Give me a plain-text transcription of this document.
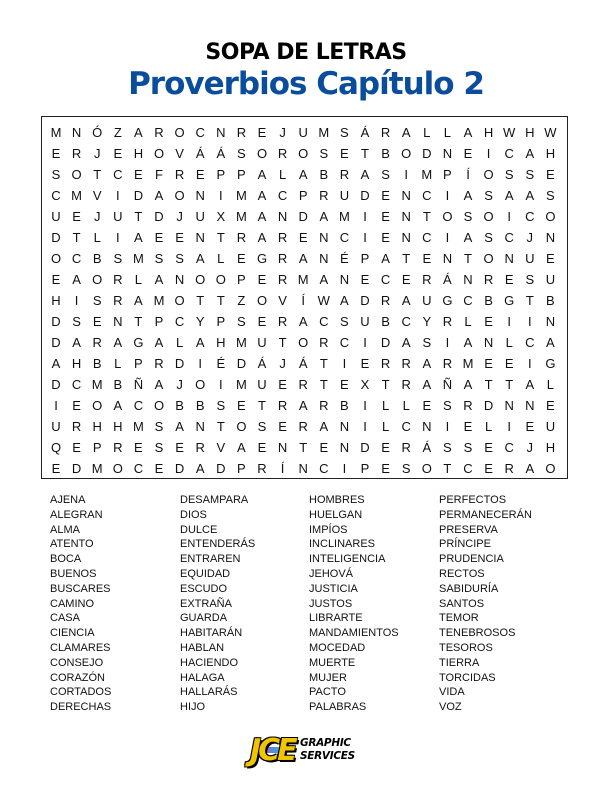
SOPA DE LETRAS
Proverbios Capítulo 2
M N Ó Z A R O C N R E	J U M S Á R A L	L A H W H W
E R J	E H O V Á Á S O R O S E T B O D N E	I	C A H
S O T C E F R E P P A L A B R A S	I	M P	Í	O S S E
C M V	I	D A O N	I	M A C P R U D E N C	I	A S A A S
U E	J U T D J U X M A N D A M	I	E N T O S O	I	C O
D T	L	I	A E E N T R A R E N C	I	E N C	I	A S C J N
O C B S M S S A L E G R A N É P A T E N T O N U E
E A O R L A N O O P E R M A N E C E R Á N R E S U
H	I	S R A M O T T Z O V	Í W A D R A U G C B G T B
D S E N T P C Y P S E R A C S U B C Y R L E	I	I	N
D A R A G A L A H M U T O R C	I	D A S	I	A N L C A
A H B L P R D	I	É D Á	J	Á T	I	E R R A R M E E	I	G
D C M B Ñ A	J O	I	M U E R T E X T R A Ñ A T T A L
I	E O A C O B B S E T R A R B	I	L	L E S R D N N E
U R H H M S A N T O S E R A N	I	L C N	I	E L	I	E U
Q E P R E S E R V A E N T E N D E R Á S S E C J H
E D M O C E D A D P R	Í	N C	I	P E S O T C E R A O
AJENA
ALEGRAN
ALMA
ATENTO
BOCA
BUENOS
BUSCARES
CAMINO
CASA
CIENCIA
CLAMARES
CONSEJO
CORAZÓN
CORTADOS
DERECHAS
DESAMPARA
DIOS
DULCE
ENTENDERÁS
ENTRAREN
EQUIDAD
ESCUDO
EXTRAÑA
GUARDA
HABITARÁN
HABLAN
HACIENDO
HALAGA
HALLARÁS
HIJO
HOMBRES
HUELGAN
IMPÍOS
INCLINARES
INTELIGENCIA
JEHOVÁ
JUSTICIA
JUSTOS
LIBRARTE
MANDAMIENTOS
MOCEDAD
MUERTE
MUJER
PACTO
PALABRAS
PERFECTOS
PERMANECERÁN
PRESERVA
PRÍNCIPE
PRUDENCIA
RECTOS
SABIDURÍA
SANTOS
TEMOR
TENEBROSOS
TESOROS
TIERRA
TORCIDAS
VIDA
VOZ
JCE GRAPHIC
SERVICES
